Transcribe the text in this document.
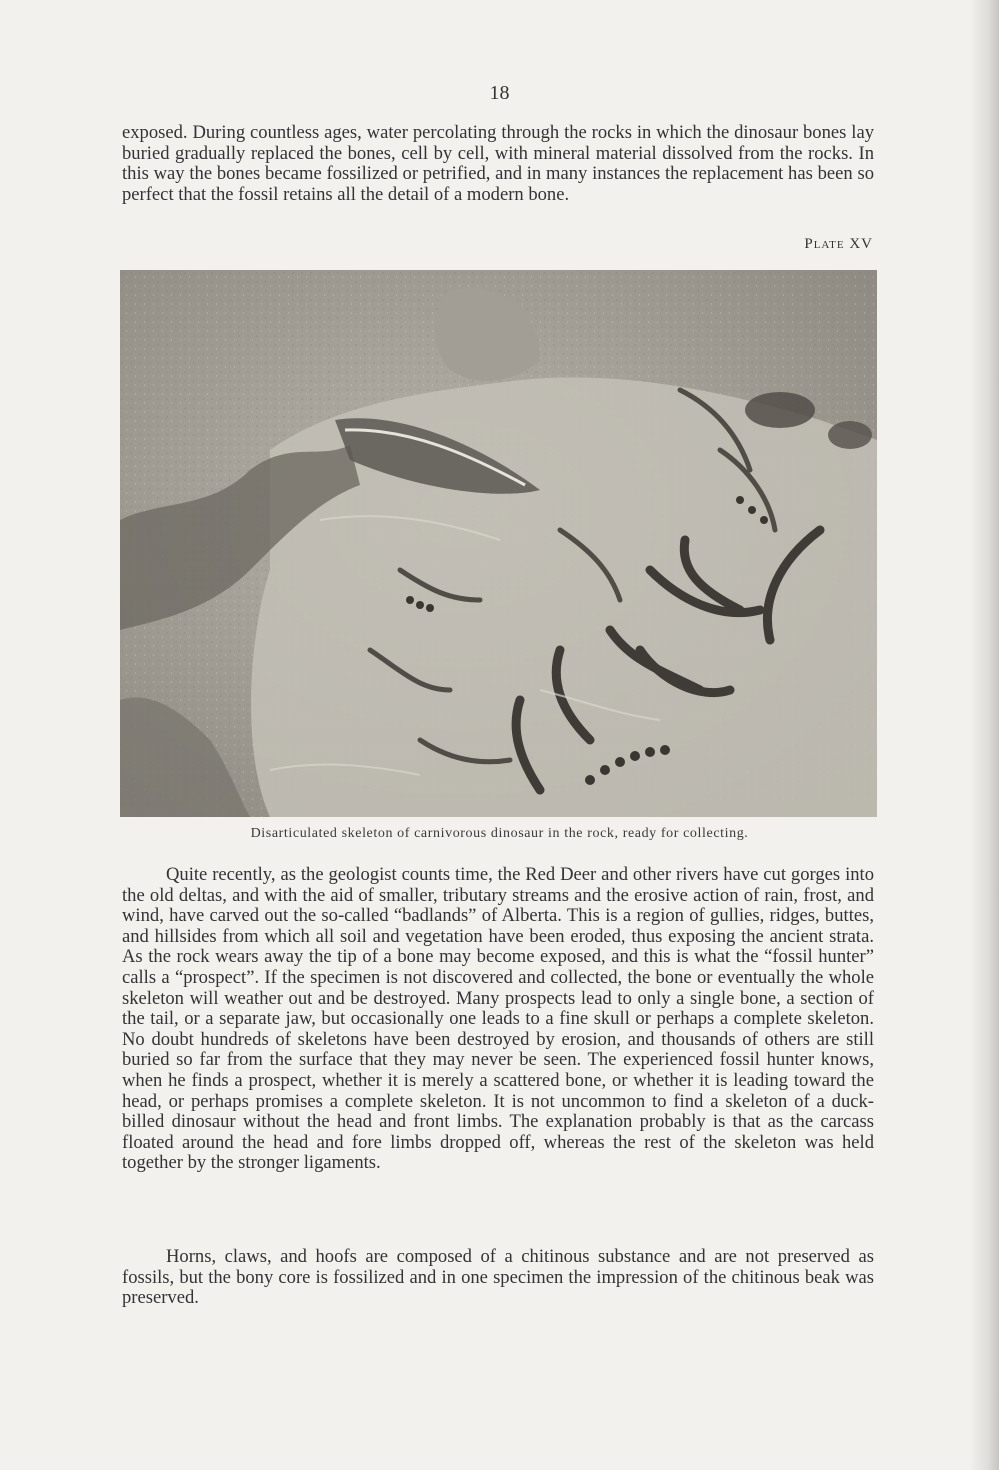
18

exposed. During countless ages, water percolating through the rocks in which the dinosaur bones lay buried gradually replaced the bones, cell by cell, with mineral material dissolved from the rocks. In this way the bones became fossilized or petrified, and in many instances the replacement has been so perfect that the fossil retains all the detail of a modern bone.

Plate XV
Disarticulated skeleton of carnivorous dinosaur in the rock, ready for collecting.

Quite recently, as the geologist counts time, the Red Deer and other rivers have cut gorges into the old deltas, and with the aid of smaller, tributary streams and the erosive action of rain, frost, and wind, have carved out the so-called “badlands” of Alberta. This is a region of gullies, ridges, buttes, and hillsides from which all soil and vegetation have been eroded, thus exposing the ancient strata. As the rock wears away the tip of a bone may become exposed, and this is what the “fossil hunter” calls a “prospect”. If the specimen is not discovered and collected, the bone or eventually the whole skeleton will weather out and be destroyed. Many prospects lead to only a single bone, a section of the tail, or a separate jaw, but occasionally one leads to a fine skull or perhaps a complete skeleton. No doubt hundreds of skeletons have been destroyed by erosion, and thousands of others are still buried so far from the surface that they may never be seen. The experienced fossil hunter knows, when he finds a prospect, whether it is merely a scattered bone, or whether it is leading toward the head, or perhaps promises a complete skeleton. It is not uncommon to find a skeleton of a duck-billed dinosaur without the head and front limbs. The explanation probably is that as the carcass floated around the head and fore limbs dropped off, whereas the rest of the skeleton was held together by the stronger ligaments.

Horns, claws, and hoofs are composed of a chitinous substance and are not preserved as fossils, but the bony core is fossilized and in one specimen the impression of the chitinous beak was preserved.
